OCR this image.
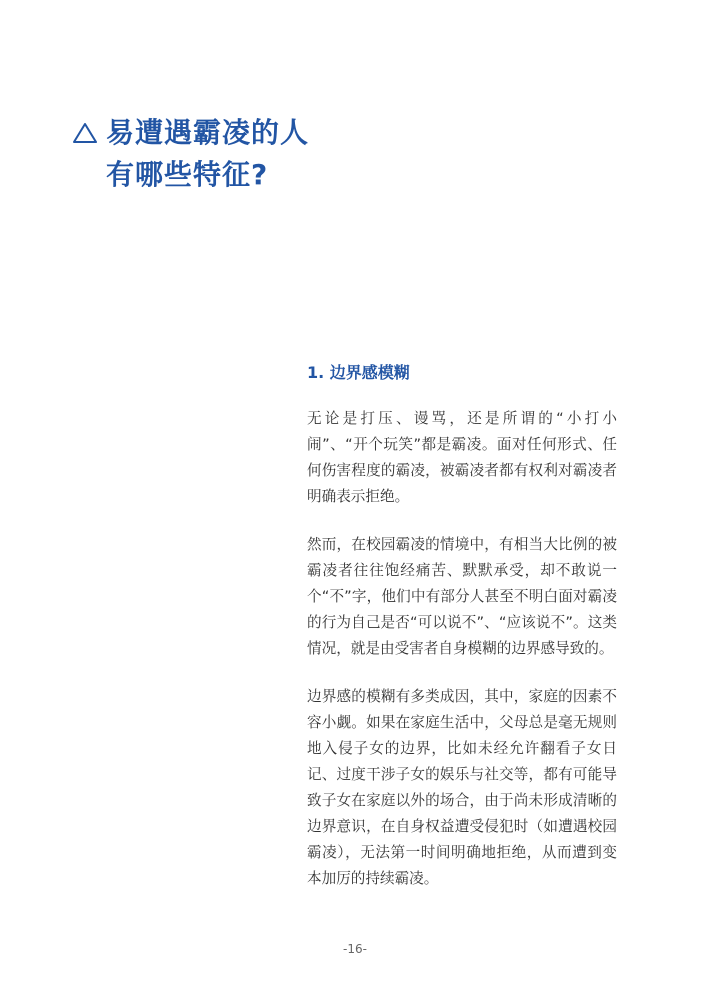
易遭遇霸凌的人
有哪些特征?
1. 边界感模糊

无论是打压、谩骂，还是所谓的“小打小闹”、“开个玩笑”都是霸凌。面对任何形式、任何伤害程度的霸凌，被霸凌者都有权利对霸凌者明确表示拒绝。

然而，在校园霸凌的情境中，有相当大比例的被霸凌者往往饱经痛苦、默默承受，却不敢说一个“不”字，他们中有部分人甚至不明白面对霸凌的行为自己是否“可以说不”、“应该说不”。这类情况，就是由受害者自身模糊的边界感导致的。

边界感的模糊有多类成因，其中，家庭的因素不容小觑。如果在家庭生活中，父母总是毫无规则地入侵子女的边界，比如未经允许翻看子女日记、过度干涉子女的娱乐与社交等，都有可能导致子女在家庭以外的场合，由于尚未形成清晰的边界意识，在自身权益遭受侵犯时（如遭遇校园霸凌），无法第一时间明确地拒绝，从而遭到变本加厉的持续霸凌。

-16-
